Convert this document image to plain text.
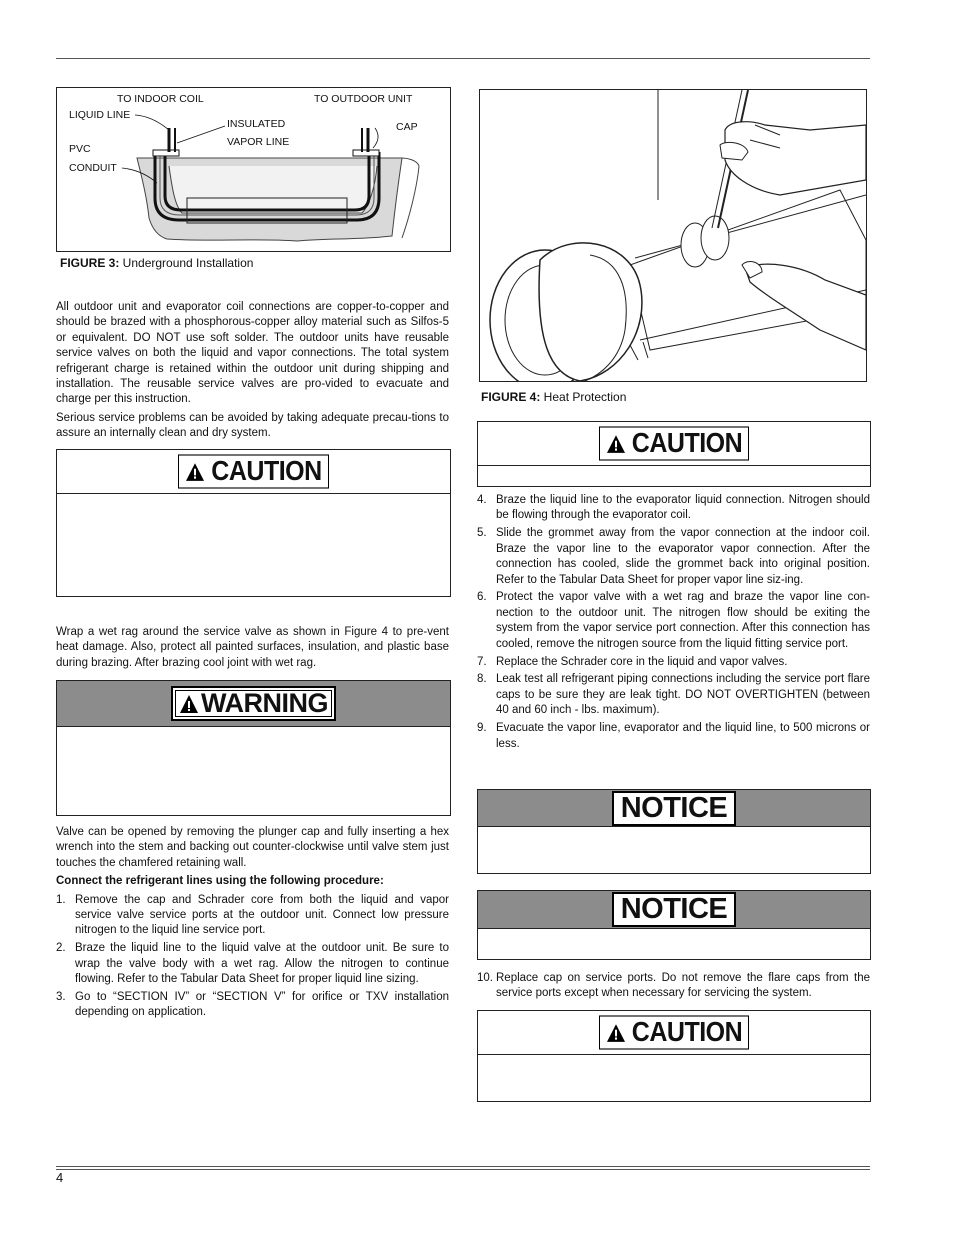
TO INDOOR COIL	TO OUTDOOR UNIT
LIQUID LINE
INSULATED
VAPOR LINE
CAP
PVC
CONDUIT
FIGURE 3: Underground Installation

All outdoor unit and evaporator coil connections are copper-to-copper and should be brazed with a phosphorous-copper alloy material such as Silfos-5 or equivalent. DO NOT use soft solder. The outdoor units have reusable service valves on both the liquid and vapor connections. The total system refrigerant charge is retained within the outdoor unit during shipping and installation. The reusable service valves are pro-vided to evacuate and charge per this instruction.

Serious service problems can be avoided by taking adequate precau-tions to assure an internally clean and dry system.

CAUTION

Wrap a wet rag around the service valve as shown in Figure 4 to pre-vent heat damage. Also, protect all painted surfaces, insulation, and plastic base during brazing. After brazing cool joint with wet rag.

WARNING

Valve can be opened by removing the plunger cap and fully inserting a hex wrench into the stem and backing out counter-clockwise until valve stem just touches the chamfered retaining wall.

Connect the refrigerant lines using the following procedure:
1. Remove the cap and Schrader core from both the liquid and vapor service valve service ports at the outdoor unit. Connect low pressure nitrogen to the liquid line service port.
2. Braze the liquid line to the liquid valve at the outdoor unit. Be sure to wrap the valve body with a wet rag. Allow the nitrogen to continue flowing. Refer to the Tabular Data Sheet for proper liquid line sizing.
3. Go to “SECTION IV” or “SECTION V” for orifice or TXV installation depending on application.
FIGURE 4: Heat Protection
CAUTION
4. Braze the liquid line to the evaporator liquid connection. Nitrogen should be flowing through the evaporator coil.
5. Slide the grommet away from the vapor connection at the indoor coil. Braze the vapor line to the evaporator vapor connection. After the connection has cooled, slide the grommet back into original position. Refer to the Tabular Data Sheet for proper vapor line siz-ing.
6. Protect the vapor valve with a wet rag and braze the vapor line con-nection to the outdoor unit. The nitrogen flow should be exiting the system from the vapor service port connection. After this connection has cooled, remove the nitrogen source from the liquid fitting service port.
7. Replace the Schrader core in the liquid and vapor valves.
8. Leak test all refrigerant piping connections including the service port flare caps to be sure they are leak tight. DO NOT OVERTIGHTEN (between 40 and 60 inch - lbs. maximum).
9. Evacuate the vapor line, evaporator and the liquid line, to 500 microns or less.
NOTICE
NOTICE
10. Replace cap on service ports. Do not remove the flare caps from the service ports except when necessary for servicing the system.
CAUTION
4
